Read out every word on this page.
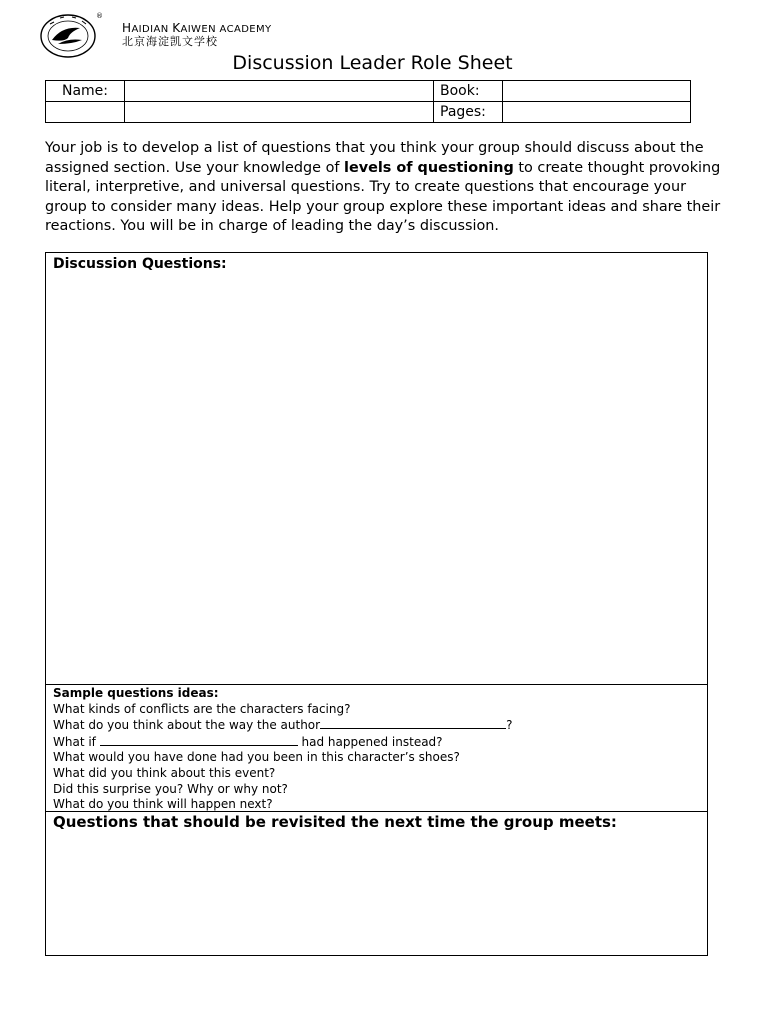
®
HAIDIAN KAIWEN ACADEMY
北京海淀凯文学校
Discussion Leader Role Sheet
Name:		Book:	
		Pages:	
Your job is to develop a list of questions that you think your group should discuss about the assigned section. Use your knowledge of levels of questioning to create thought provoking literal, interpretive, and universal questions. Try to create questions that encourage your group to consider many ideas. Help your group explore these important ideas and share their reactions. You will be in charge of leading the day’s discussion.
Discussion Questions:
Sample questions ideas:
What kinds of conflicts are the characters facing?
What do you think about the way the author	?
What if	had happened instead?
What would you have done had you been in this character’s shoes?
What did you think about this event?
Did this surprise you? Why or why not?
What do you think will happen next?
Questions that should be revisited the next time the group meets:
